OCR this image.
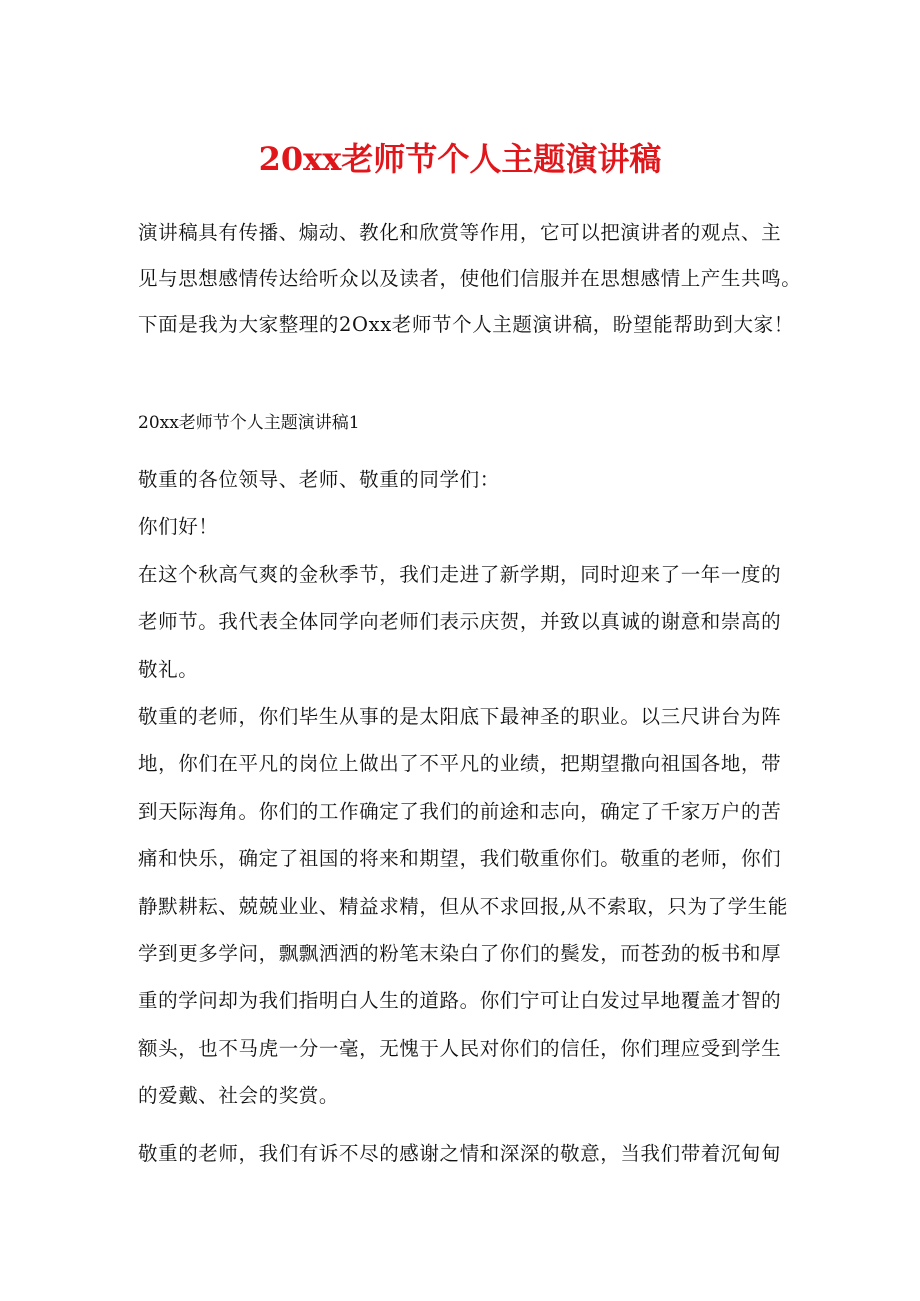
20xx老师节个人主题演讲稿

演讲稿具有传播、煽动、教化和欣赏等作用，它可以把演讲者的观点、主

见与思想感情传达给听众以及读者，使他们信服并在思想感情上产生共鸣。

下面是我为大家整理的2Oxx老师节个人主题演讲稿，盼望能帮助到大家！

20xx老师节个人主题演讲稿1

敬重的各位领导、老师、敬重的同学们：

你们好！

在这个秋高气爽的金秋季节，我们走进了新学期，同时迎来了一年一度的

老师节。我代表全体同学向老师们表示庆贺，并致以真诚的谢意和崇高的

敬礼。

敬重的老师，你们毕生从事的是太阳底下最神圣的职业。以三尺讲台为阵

地，你们在平凡的岗位上做出了不平凡的业绩，把期望撒向祖国各地，带

到天际海角。你们的工作确定了我们的前途和志向，确定了千家万户的苦

痛和快乐，确定了祖国的将来和期望，我们敬重你们。敬重的老师，你们

静默耕耘、兢兢业业、精益求精，但从不求回报,从不索取，只为了学生能

学到更多学问，飘飘洒洒的粉笔末染白了你们的鬓发，而苍劲的板书和厚

重的学问却为我们指明白人生的道路。你们宁可让白发过早地覆盖才智的

额头，也不马虎一分一毫，无愧于人民对你们的信任，你们理应受到学生

的爱戴、社会的奖赏。

敬重的老师，我们有诉不尽的感谢之情和深深的敬意，当我们带着沉甸甸
